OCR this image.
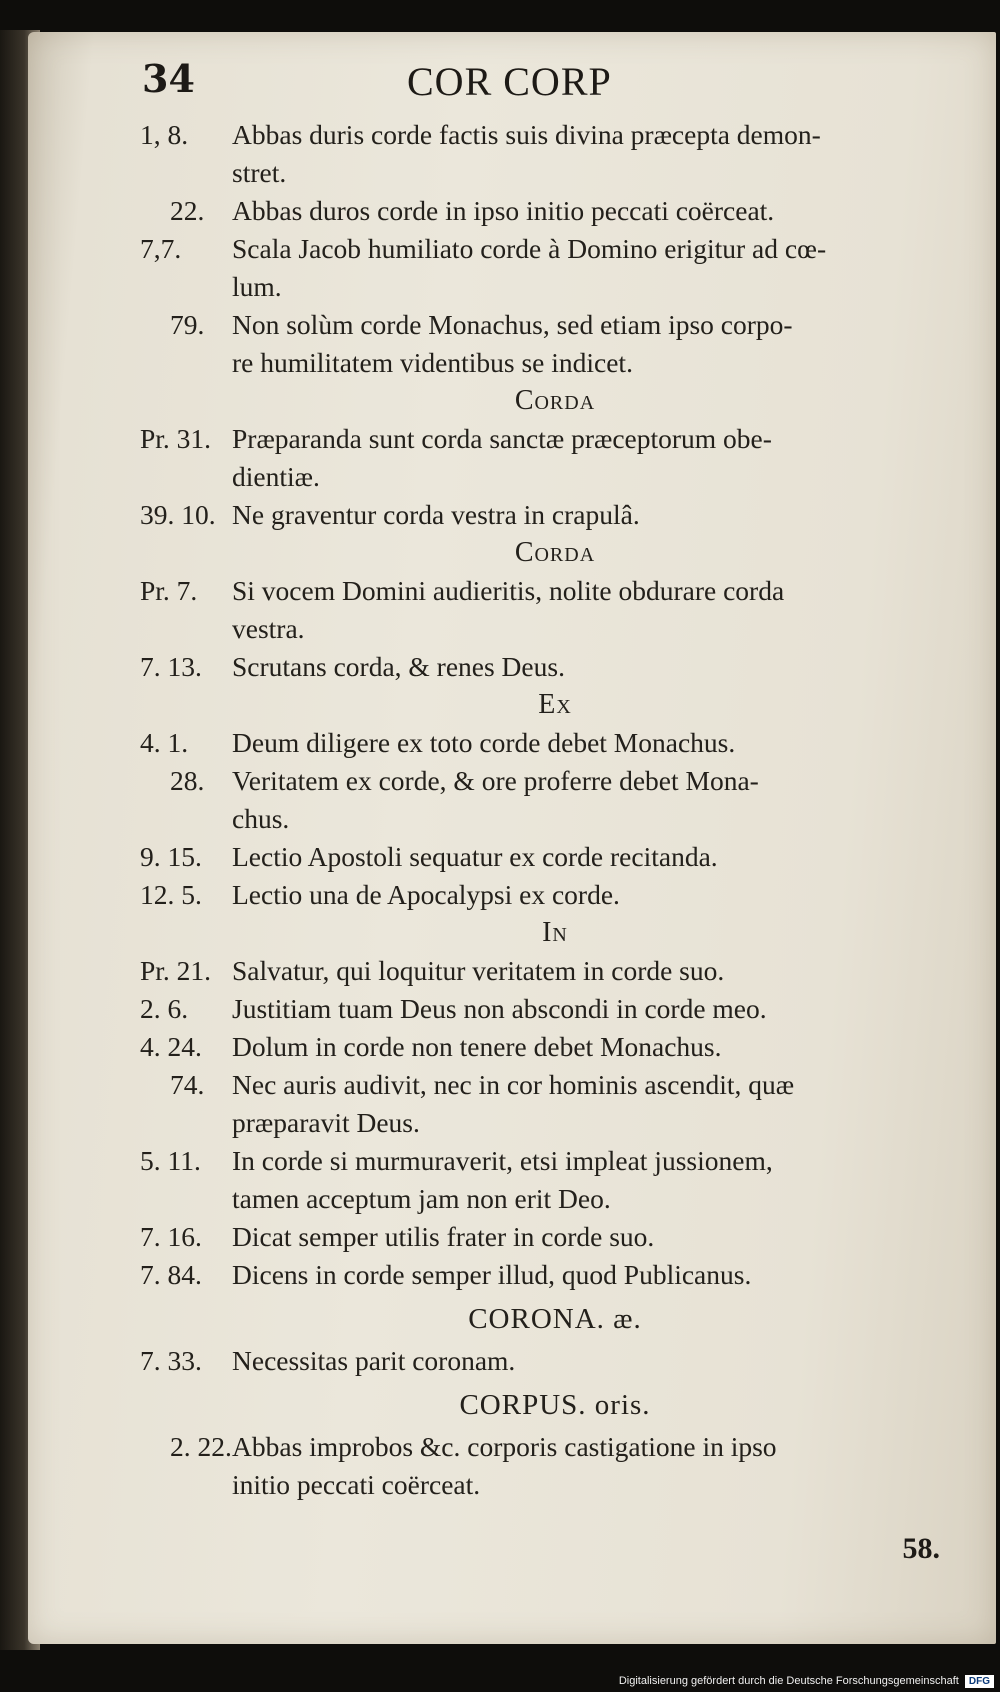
34	COR CORP
1, 8. Abbas duris corde factis suis divina præcepta demon-
stret.
22. Abbas duros corde in ipso initio peccati coërceat.
7,7. Scala Jacob humiliato corde à Domino erigitur ad cœ-
lum.
79. Non solùm corde Monachus, sed etiam ipso corpo-
re humilitatem videntibus se indicet.
Corda
Pr. 31. Præparanda sunt corda sanctæ præceptorum obe-
dientiæ.
39. 10. Ne graventur corda vestra in crapulâ.
Corda
Pr. 7. Si vocem Domini audieritis, nolite obdurare corda
vestra.
7. 13. Scrutans corda, & renes Deus.
Ex
4. 1. Deum diligere ex toto corde debet Monachus.
28. Veritatem ex corde, & ore proferre debet Mona-
chus.
9. 15. Lectio Apostoli sequatur ex corde recitanda.
12. 5. Lectio una de Apocalypsi ex corde.
In
Pr. 21. Salvatur, qui loquitur veritatem in corde suo.
2. 6. Justitiam tuam Deus non abscondi in corde meo.
4. 24. Dolum in corde non tenere debet Monachus.
74. Nec auris audivit, nec in cor hominis ascendit, quæ
præparavit Deus.
5. 11. In corde si murmuraverit, etsi impleat jussionem,
tamen acceptum jam non erit Deo.
7. 16. Dicat semper utilis frater in corde suo.
7. 84. Dicens in corde semper illud, quod Publicanus.
CORONA. æ.
7. 33. Necessitas parit coronam.
CORPUS. oris.
2. 22. Abbas improbos &c. corporis castigatione in ipso
initio peccati coërceat.
58.
Digitalisierung gefördert durch die Deutsche Forschungsgemeinschaft DFG
